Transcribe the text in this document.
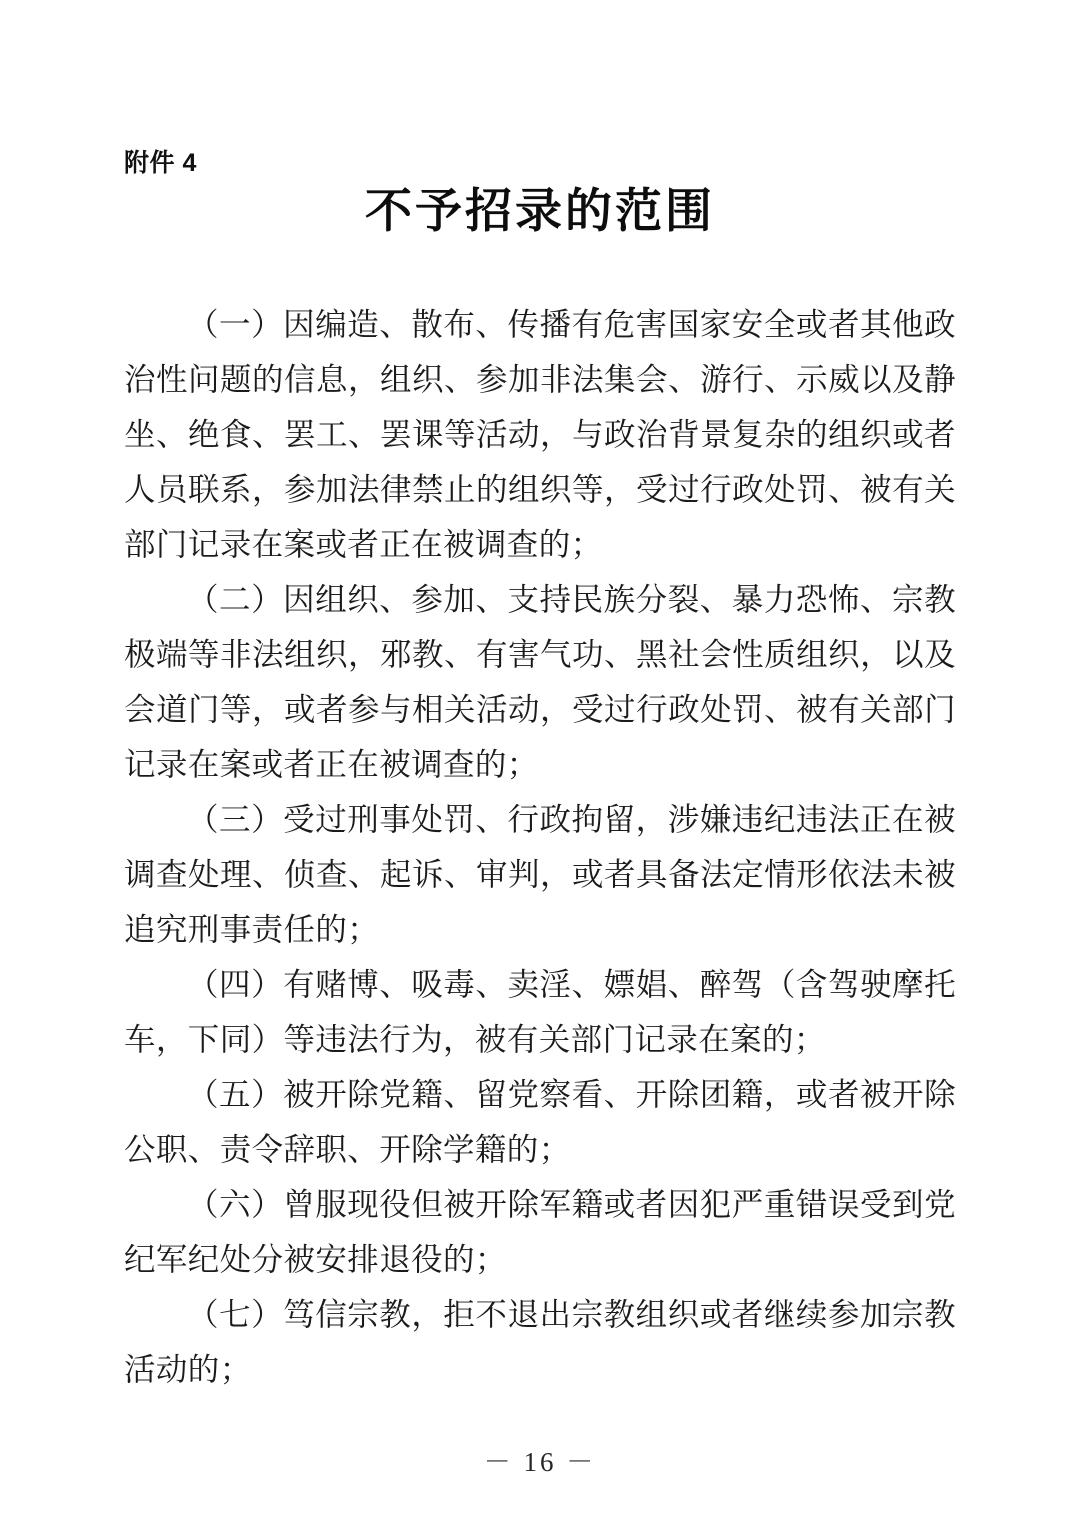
附件 4
不予招录的范围

（一）因编造、散布、传播有危害国家安全或者其他政治性问题的信息，组织、参加非法集会、游行、示威以及静坐、绝食、罢工、罢课等活动，与政治背景复杂的组织或者人员联系，参加法律禁止的组织等，受过行政处罚、被有关部门记录在案或者正在被调查的；

（二）因组织、参加、支持民族分裂、暴力恐怖、宗教极端等非法组织，邪教、有害气功、黑社会性质组织，以及会道门等，或者参与相关活动，受过行政处罚、被有关部门记录在案或者正在被调查的；

（三）受过刑事处罚、行政拘留，涉嫌违纪违法正在被调查处理、侦查、起诉、审判，或者具备法定情形依法未被追究刑事责任的；

（四）有赌博、吸毒、卖淫、嫖娼、醉驾（含驾驶摩托车，下同）等违法行为，被有关部门记录在案的；

（五）被开除党籍、留党察看、开除团籍，或者被开除公职、责令辞职、开除学籍的；

（六）曾服现役但被开除军籍或者因犯严重错误受到党纪军纪处分被安排退役的；

（七）笃信宗教，拒不退出宗教组织或者继续参加宗教活动的；

－ 16 －
